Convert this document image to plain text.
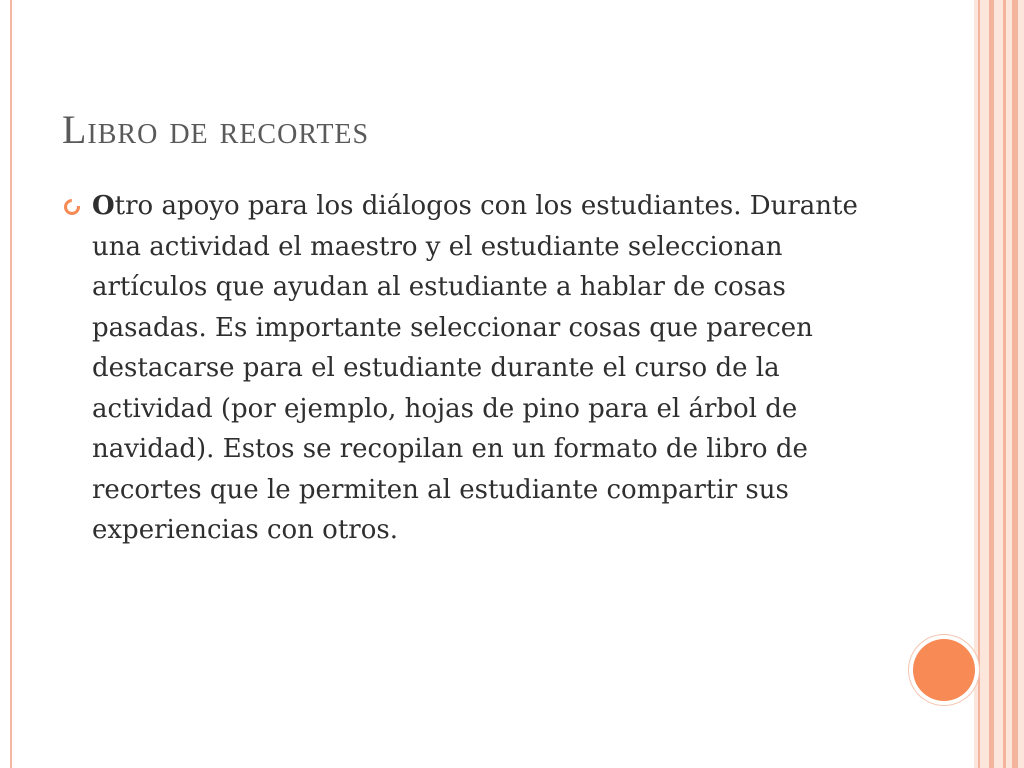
Libro de recortes

Otro apoyo para los diálogos con los estudiantes. Durante una actividad el maestro y el estudiante seleccionan artículos que ayudan al estudiante a hablar de cosas pasadas. Es importante seleccionar cosas que parecen destacarse para el estudiante durante el curso de la actividad (por ejemplo, hojas de pino para el árbol de navidad). Estos se recopilan en un formato de libro de recortes que le permiten al estudiante compartir sus experiencias con otros.
